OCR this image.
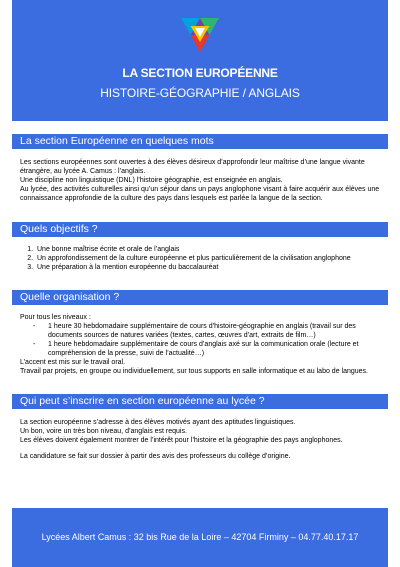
LA SECTION EUROPÉENNE
HISTOIRE-GÉOGRAPHIE / ANGLAIS
La section Européenne en quelques mots

Les sections européennes sont ouvertes à des élèves désireux d’approfondir leur maîtrise d’une langue vivante étrangère, au lycée A. Camus : l’anglais.

Une discipline non linguistique (DNL) l’histoire géographie, est enseignée en anglais.

Au lycée, des activités culturelles ainsi qu’un séjour dans un pays anglophone visant à faire acquérir aux élèves une connaissance approfondie de la culture des pays dans lesquels est parlée la langue de la section.

Quels objectifs ?
1. Une bonne maîtrise écrite et orale de l’anglais
2. Un approfondissement de la culture européenne et plus particulièrement de la civilisation anglophone
3. Une préparation à la mention européenne du baccalauréat
Quelle organisation ?

Pour tous les niveaux :

- 1 heure 30 hebdomadaire supplémentaire de cours d’histoire-géographie en anglais (travail sur des documents sources de natures variées (textes, cartes, œuvres d’art, extraits de film…)
- 1 heure hebdomadaire supplémentaire de cours d’anglais axé sur la communication orale (lecture et compréhension de la presse, suivi de l’actualité…)

L’accent est mis sur le travail oral.

Travail par projets, en groupe ou individuellement, sur tous supports en salle informatique et au labo de langues.

Qui peut s’inscrire en section européenne au lycée ?

La section européenne s’adresse à des élèves motivés ayant des aptitudes linguistiques.

Un bon, voire un très bon niveau, d’anglais est requis.

Les élèves doivent également montrer de l’intérêt pour l’histoire et la géographie des pays anglophones.

La candidature se fait sur dossier à partir des avis des professeurs du collège d’origine.

Lycées Albert Camus : 32 bis Rue de la Loire – 42704 Firminy – 04.77.40.17.17
